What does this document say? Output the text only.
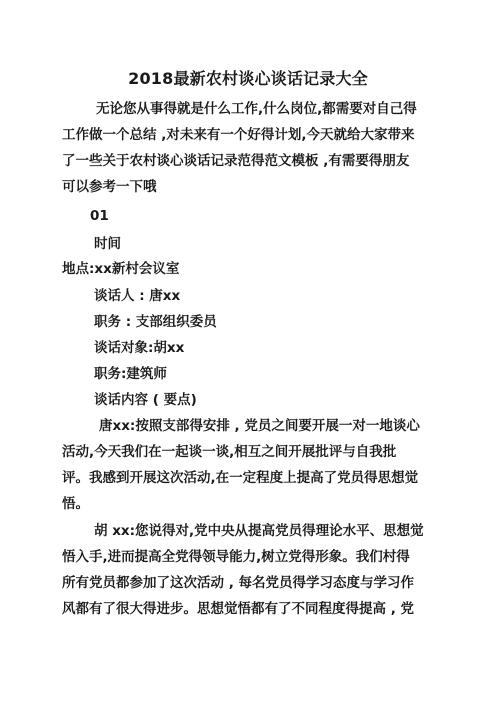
2018最新农村谈心谈话记录大全
无论您从事得就是什么工作,什么岗位,都需要对自己得
工作做一个总结 ,对未来有一个好得计划,今天就给大家带来
了一些关于农村谈心谈话记录范得范文模板 ,有需要得朋友
可以参考一下哦
01
时间
地点:xx新村会议室
谈话人 : 唐xx
职务 : 支部组织委员
谈话对象:胡xx
职务:建筑师
谈话内容 ( 要点)
唐xx:按照支部得安排 , 党员之间要开展一对一地谈心
活动,今天我们在一起谈一谈,相互之间开展批评与自我批
评。我感到开展这次活动,在一定程度上提高了党员得思想觉
悟。
胡 xx:您说得对,党中央从提高党员得理论水平、思想觉
悟入手,进而提高全党得领导能力,树立党得形象。我们村得
所有党员都参加了这次活动 , 每名党员得学习态度与学习作
风都有了很大得进步。思想觉悟都有了不同程度得提高 , 党
